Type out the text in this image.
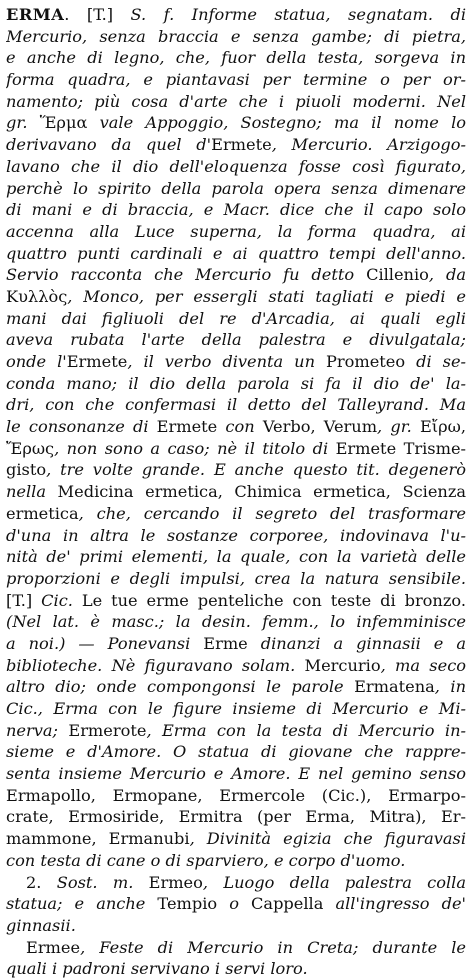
ERMA. [T.] S. f. Informe statua, segnatam. di
Mercurio, senza braccia e senza gambe; di pietra,
e anche di legno, che, fuor della testa, sorgeva in
forma quadra, e piantavasi per termine o per or-
namento; più cosa d'arte che i piuoli moderni. Nel
gr. Ἕρμα vale Appoggio, Sostegno; ma il nome lo
derivavano da quel d'Ermete, Mercurio. Arzigogo-
lavano che il dio dell'eloquenza fosse così figurato,
perchè lo spirito della parola opera senza dimenare
di mani e di braccia, e Macr. dice che il capo solo
accenna alla Luce superna, la forma quadra, ai
quattro punti cardinali e ai quattro tempi dell'anno.
Servio racconta che Mercurio fu detto Cillenio, da
Κυλλὸς, Monco, per essergli stati tagliati e piedi e
mani dai figliuoli del re d'Arcadia, ai quali egli
aveva rubata l'arte della palestra e divulgatala;
onde l'Ermete, il verbo diventa un Prometeo di se-
conda mano; il dio della parola si fa il dio de' la-
dri, con che confermasi il detto del Talleyrand. Ma
le consonanze di Ermete con Verbo, Verum, gr. Εἴρω,
Ἔρως, non sono a caso; nè il titolo di Ermete Trisme-
gisto, tre volte grande. E anche questo tit. degenerò
nella Medicina ermetica, Chimica ermetica, Scienza
ermetica, che, cercando il segreto del trasformare
d'una in altra le sostanze corporee, indovinava l'u-
nità de' primi elementi, la quale, con la varietà delle
proporzioni e degli impulsi, crea la natura sensibile.
[T.] Cic. Le tue erme penteliche con teste di bronzo.
(Nel lat. è masc.; la desin. femm., lo infemminisce
a noi.) — Ponevansi Erme dinanzi a ginnasii e a
biblioteche. Nè figuravano solam. Mercurio, ma seco
altro dio; onde compongonsi le parole Ermatena, in
Cic., Erma con le figure insieme di Mercurio e Mi-
nerva; Ermerote, Erma con la testa di Mercurio in-
sieme e d'Amore. O statua di giovane che rappre-
senta insieme Mercurio e Amore. E nel gemino senso
Ermapollo, Ermopane, Ermercole (Cic.), Ermarpo-
crate, Ermosiride, Ermitra (per Erma, Mitra), Er-
mammone, Ermanubi, Divinità egizia che figuravasi
con testa di cane o di sparviero, e corpo d'uomo.
2. Sost. m. Ermeo, Luogo della palestra colla
statua; e anche Tempio o Cappella all'ingresso de'
ginnasii.
Ermee, Feste di Mercurio in Creta; durante le
quali i padroni servivano i servi loro.
